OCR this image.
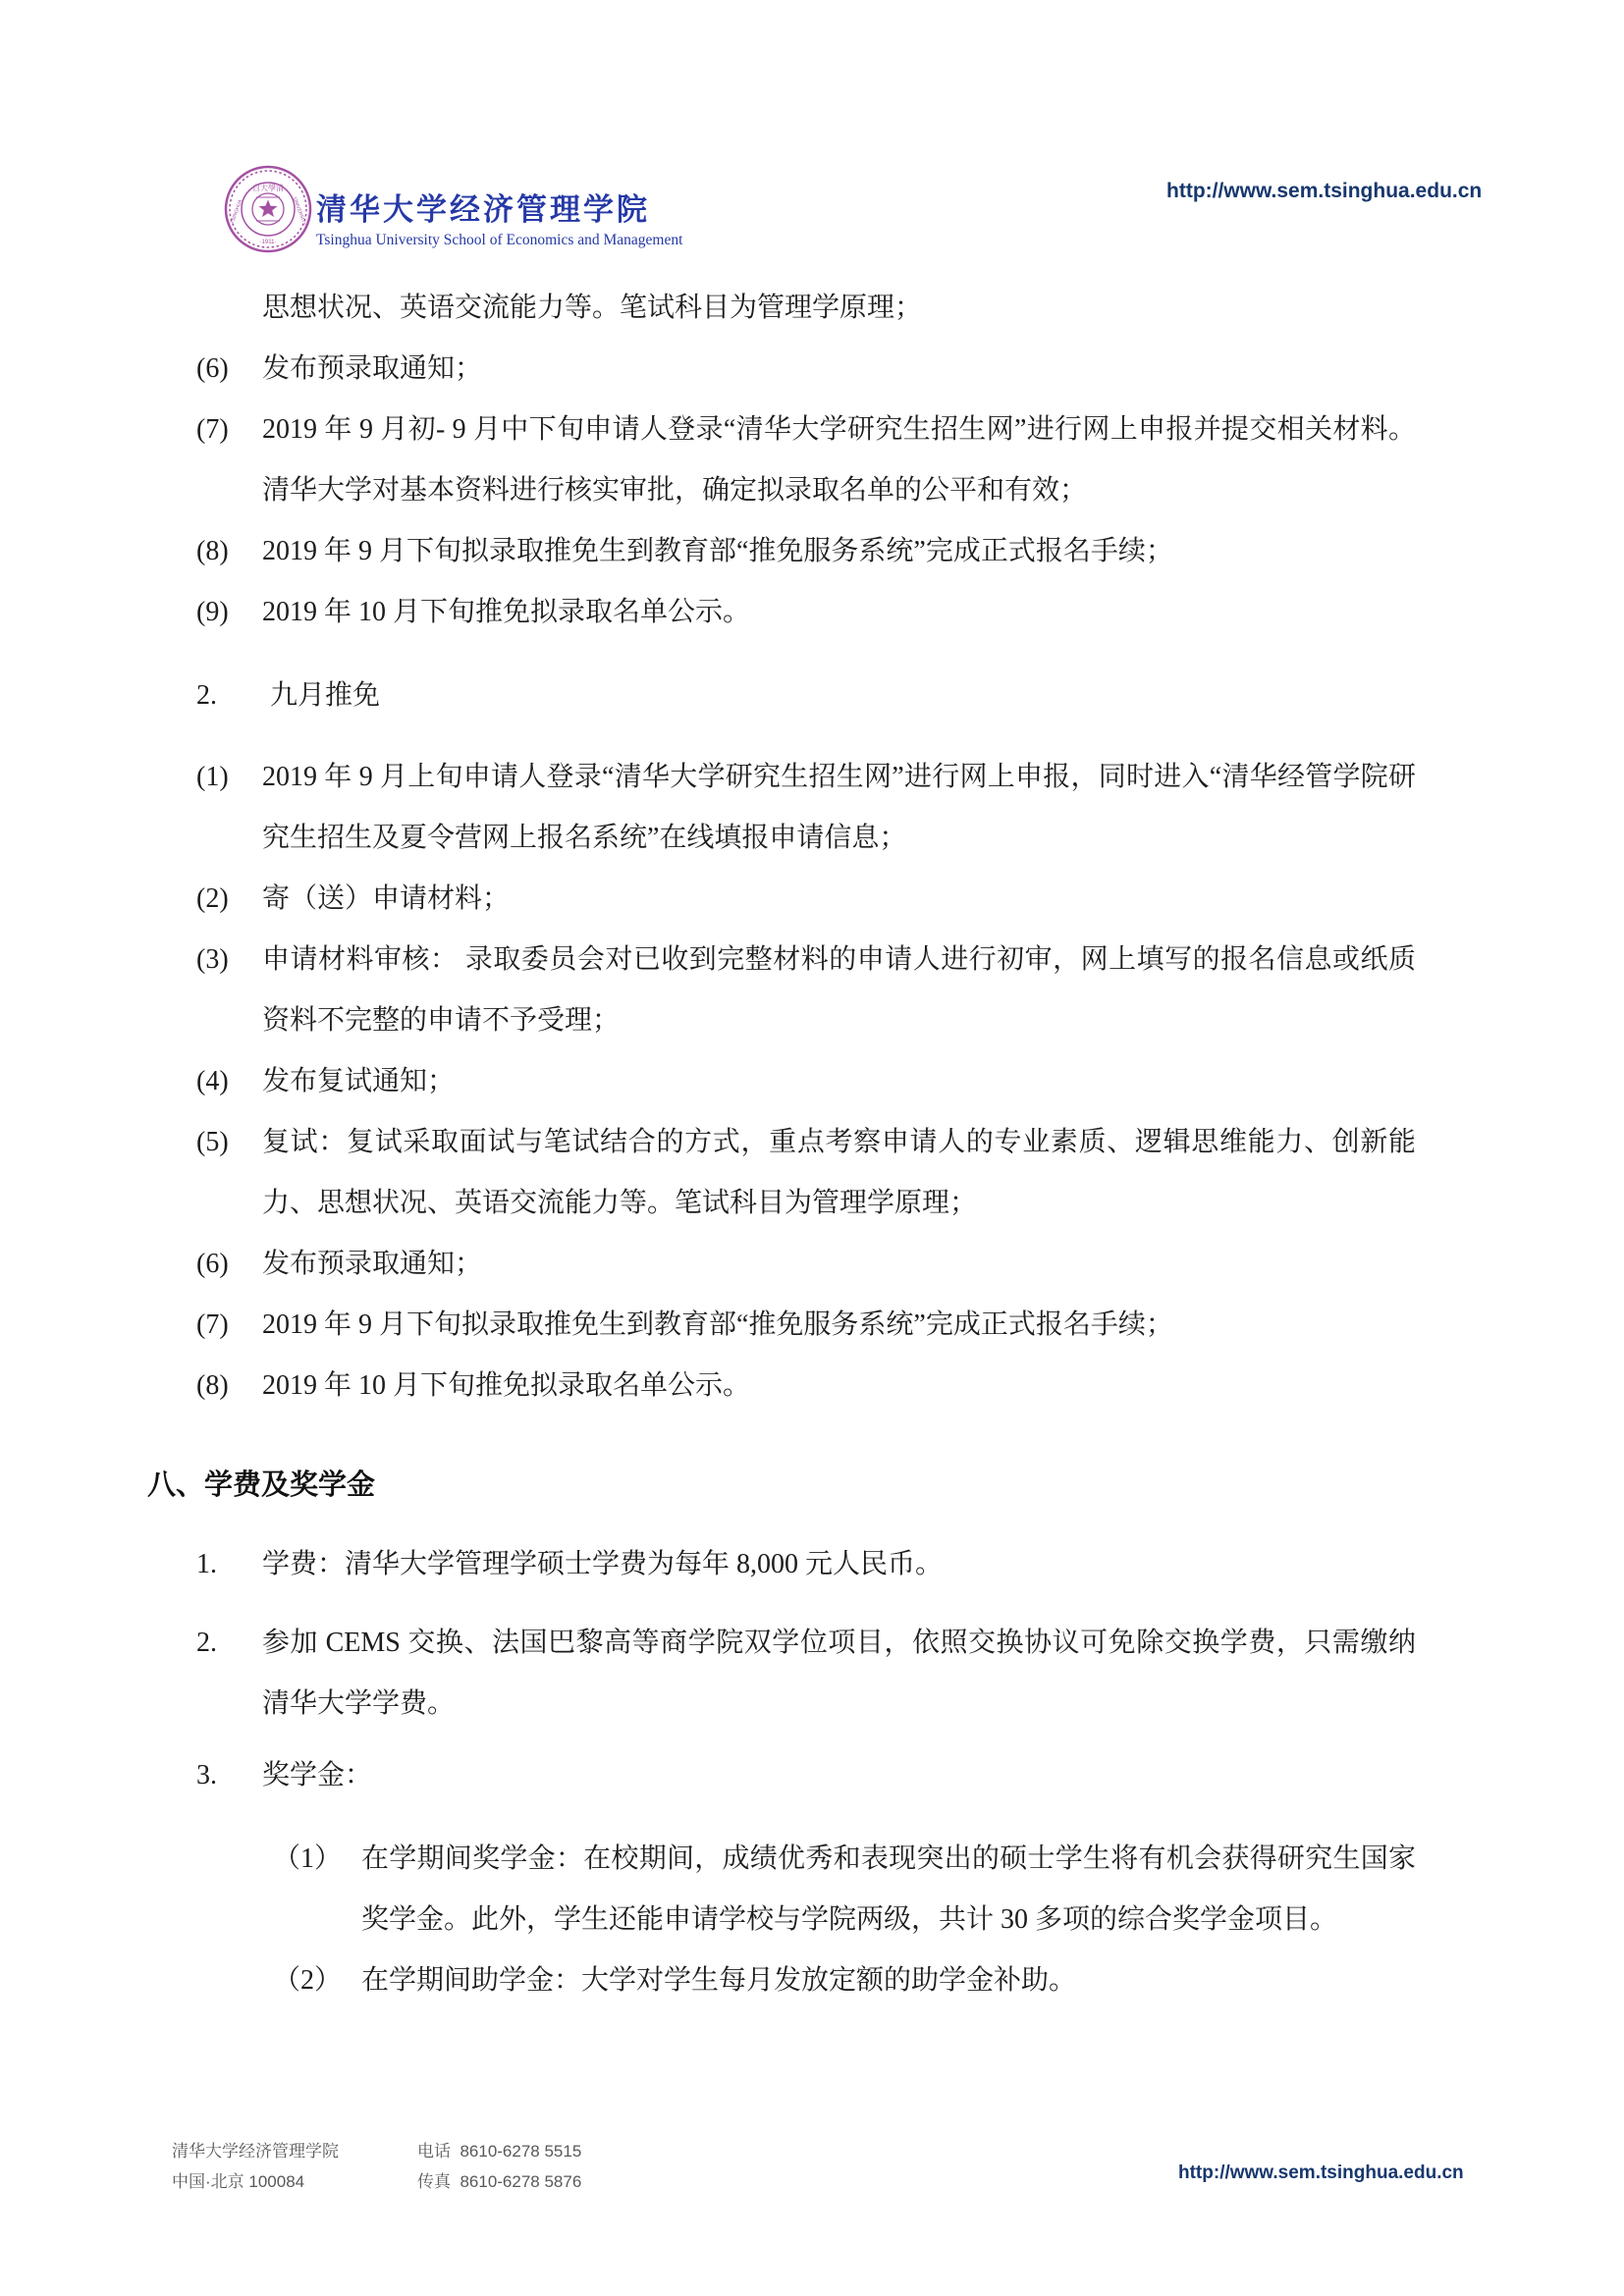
自大學清
·1911·
TSINGHUA	UNIVERSITY 清华大学经济管理学院
Tsinghua University School of Economics and Management
http://www.sem.tsinghua.edu.cn
思想状况、英语交流能力等。笔试科目为管理学原理；
(6)	发布预录取通知；
(7)	2019 年 9 月初- 9 月中下旬申请人登录“清华大学研究生招生网”进行网上申报并提交相关材料。清华大学对基本资料进行核实审批，确定拟录取名单的公平和有效；
(8)	2019 年 9 月下旬拟录取推免生到教育部“推免服务系统”完成正式报名手续；
(9)	2019 年 10 月下旬推免拟录取名单公示。
2.	九月推免
(1)	2019 年 9 月上旬申请人登录“清华大学研究生招生网”进行网上申报，同时进入“清华经管学院研究生招生及夏令营网上报名系统”在线填报申请信息；
(2)	寄（送）申请材料；
(3)	申请材料审核： 录取委员会对已收到完整材料的申请人进行初审，网上填写的报名信息或纸质资料不完整的申请不予受理；
(4)	发布复试通知；
(5)	复试：复试采取面试与笔试结合的方式，重点考察申请人的专业素质、逻辑思维能力、创新能力、思想状况、英语交流能力等。笔试科目为管理学原理；
(6)	发布预录取通知；
(7)	2019 年 9 月下旬拟录取推免生到教育部“推免服务系统”完成正式报名手续；
(8)	2019 年 10 月下旬推免拟录取名单公示。
八、学费及奖学金
1.	学费：清华大学管理学硕士学费为每年 8,000 元人民币。
2.	参加 CEMS 交换、法国巴黎高等商学院双学位项目，依照交换协议可免除交换学费，只需缴纳清华大学学费。
3.	奖学金：
（1） 在学期间奖学金：在校期间，成绩优秀和表现突出的硕士学生将有机会获得研究生国家奖学金。此外，学生还能申请学校与学院两级，共计 30 多项的综合奖学金项目。
（2） 在学期间助学金：大学对学生每月发放定额的助学金补助。
清华大学经济管理学院
中国·北京 100084
电话 8610-6278 5515
传真 8610-6278 5876	http://www.sem.tsinghua.edu.cn
